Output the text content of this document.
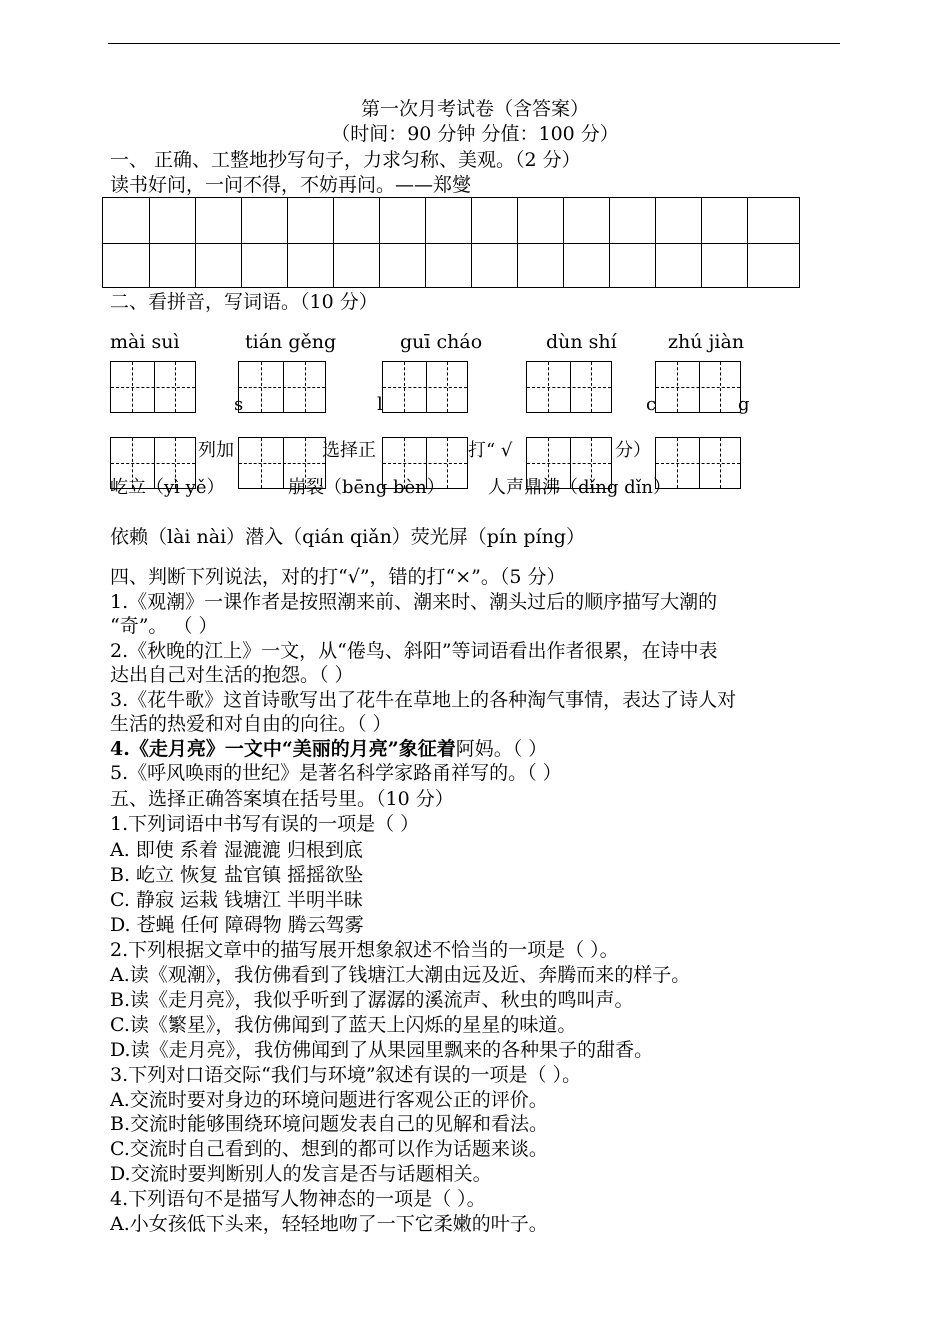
第一次月考试卷（含答案）
（时间：90 分钟 分值：100 分）
一、 正确、工整地抄写句子，力求匀称、美观。（2 分）
读书好问，一问不得，不妨再问。——郑燮
二、看拼音，写词语。（10 分）
mài suì	tián gěng	guī cháo	dùn shí	zhú jiàn
s	l	c	g
列加	选择正	打“ √	分）
屹立（yì yě）	崩裂（bēng bèn） 人声鼎沸（dǐng dǐn）
依赖（lài nài）潜入（qián qiǎn）荧光屏（pín píng）
四、判断下列说法，对的打“√”，错的打“×”。（5 分）
1.《观潮》一课作者是按照潮来前、潮来时、潮头过后的顺序描写大潮的
“奇”。 （ ）
2.《秋晚的江上》一文，从“倦鸟、斜阳”等词语看出作者很累，在诗中表
达出自己对生活的抱怨。（ ）
3.《花牛歌》这首诗歌写出了花牛在草地上的各种淘气事情，表达了诗人对
生活的热爱和对自由的向往。（ ）
4.《走月亮》一文中“美丽的月亮”象征着阿妈。（ ）
5.《呼风唤雨的世纪》是著名科学家路甬祥写的。（ ）
五、选择正确答案填在括号里。（10 分）
1.下列词语中书写有误的一项是（ ）
A. 即使 系着 湿漉漉 归根到底
B. 屹立 恢复 盐官镇 摇摇欲坠
C. 静寂 运栽 钱塘江 半明半昧
D. 苍蝇 任何 障碍物 腾云驾雾
2.下列根据文章中的描写展开想象叙述不恰当的一项是（ ）。
A.读《观潮》，我仿佛看到了钱塘江大潮由远及近、奔腾而来的样子。
B.读《走月亮》，我似乎听到了潺潺的溪流声、秋虫的鸣叫声。
C.读《繁星》，我仿佛闻到了蓝天上闪烁的星星的味道。
D.读《走月亮》，我仿佛闻到了从果园里飘来的各种果子的甜香。
3.下列对口语交际“我们与环境”叙述有误的一项是（ ）。
A.交流时要对身边的环境问题进行客观公正的评价。
B.交流时能够围绕环境问题发表自己的见解和看法。
C.交流时自己看到的、想到的都可以作为话题来谈。
D.交流时要判断别人的发言是否与话题相关。
4.下列语句不是描写人物神态的一项是（ ）。
A.小女孩低下头来，轻轻地吻了一下它柔嫩的叶子。
